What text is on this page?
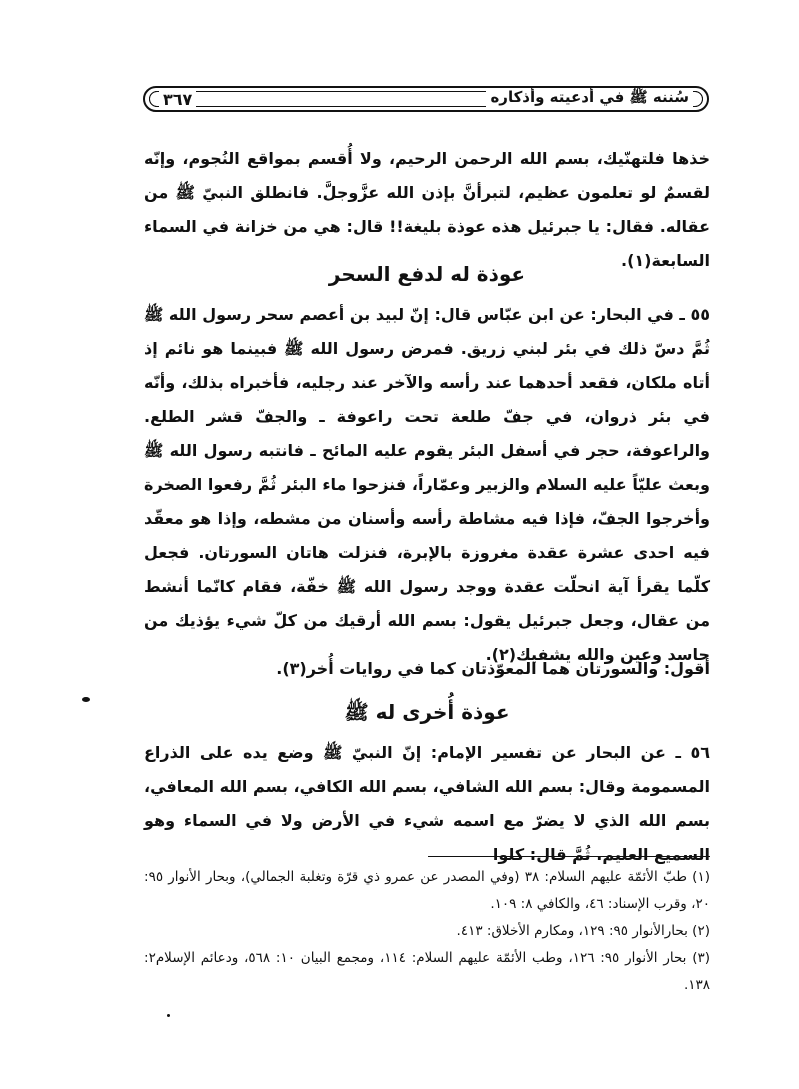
سُننه ﷺ في أدعيته وأذكاره
٣٦٧
خذها فلتهنّيك، بسم الله الرحمن الرحيم، ولا أُقسم بمواقع النُجوم، وإنّه لقسمٌ لو تعلمون عظيم، لتبرأنَّ بإذن الله عزَّوجلَّ. فانطلق النبيّ ﷺ من عقاله. فقال: يا جبرئيل هذه عوذة بليغة!! قال: هي من خزانة في السماء السابعة(١).
عوذة له لدفع السحر
٥٥ ـ في البحار: عن ابن عبّاس قال: إنّ لبيد بن أعصم سحر رسول الله ﷺ ثُمَّ دسّ ذلك في بئر لبني زريق. فمرض رسول الله ﷺ فبينما هو نائم إذ أتاه ملكان، فقعد أحدهما عند رأسه والآخر عند رجليه، فأخبراه بذلك، وأنّه في بئر ذروان، في جفّ طلعة تحت راعوفة ـ والجفّ قشر الطلع. والراعوفة، حجر في أسفل البئر يقوم عليه المائح ـ فانتبه رسول الله ﷺ وبعث عليّاً عليه السلام والزبير وعمّاراً، فنزحوا ماء البئر ثُمَّ رفعوا الصخرة وأخرجوا الجفّ، فإذا فيه مشاطة رأسه وأسنان من مشطه، وإذا هو معقّد فيه احدى عشرة عقدة مغروزة بالإبرة، فنزلت هاتان السورتان. فجعل كلّما يقرأ آية انحلّت عقدة ووجد رسول الله ﷺ خفّة، فقام كانّما أنشط من عقال، وجعل جبرئيل يقول: بسم الله أرقيك من كلّ شيء يؤذيك من حاسد وعين والله يشفيك(٢).
أقول: والسورتان هما المعوّذتان كما في روايات أُخر(٣).
عوذة أُخرى له ﷺ
٥٦ ـ عن البحار عن تفسير الإمام: إنّ النبيّ ﷺ وضع يده على الذراع المسمومة وقال: بسم الله الشافي، بسم الله الكافي، بسم الله المعافي، بسم الله الذي لا يضرّ مع اسمه شيء في الأرض ولا في السماء وهو السميع العليم. ثُمَّ قال: كلوا
(١) طبّ الأئمّة عليهم السلام: ٣٨ (وفي المصدر عن عمرو ذي قرّة وتغلبة الجمالي)، وبحار الأنوار ٩٥: ٢٠، وقرب الإسناد: ٤٦، والكافي ٨: ١٠٩.
(٢) بحارالأنوار ٩٥: ١٢٩، ومكارم الأخلاق: ٤١٣.
(٣) بحار الأنوار ٩٥: ١٢٦، وطب الأئمّة عليهم السلام: ١١٤، ومجمع البيان ١٠: ٥٦٨، ودعائم الإسلام٢: ١٣٨.
